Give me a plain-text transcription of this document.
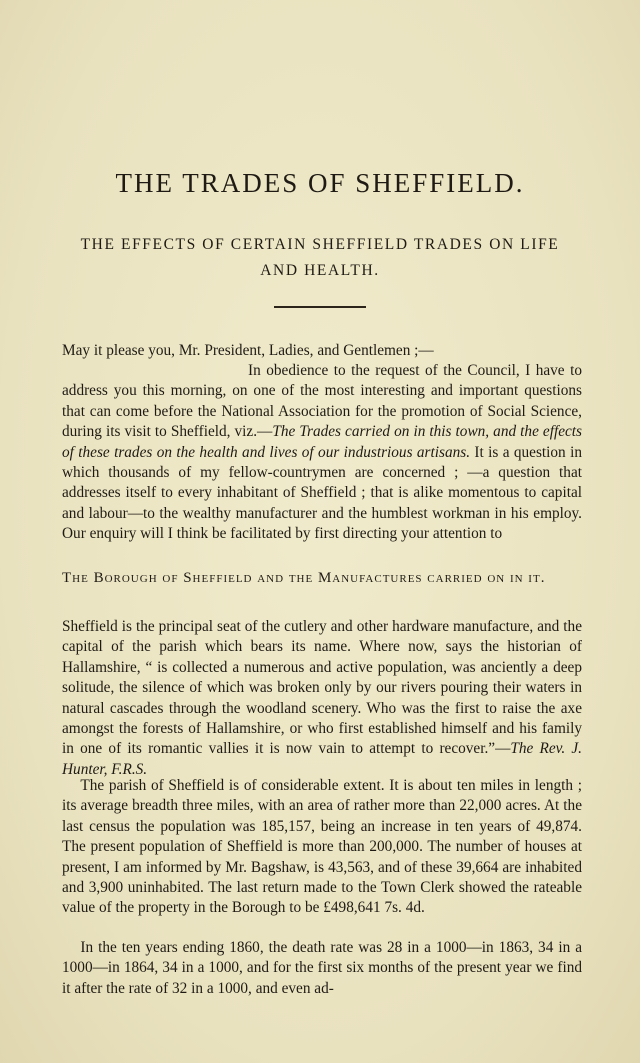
THE TRADES OF SHEFFIELD.
THE EFFECTS OF CERTAIN SHEFFIELD TRADES ON LIFE AND HEALTH.

May it please you, Mr. President, Ladies, and Gentlemen ;—

In obedience to the request of the Council, I have to address you this morning, on one of the most interesting and important questions that can come before the National Association for the promotion of Social Science, during its visit to Sheffield, viz.—The Trades carried on in this town, and the effects of these trades on the health and lives of our industrious artisans. It is a question in which thousands of my fellow-countrymen are concerned ; —a question that addresses itself to every inhabitant of Sheffield ; that is alike momentous to capital and labour—to the wealthy manufacturer and the humblest workman in his employ. Our enquiry will I think be facilitated by first directing your attention to

The Borough of Sheffield and the Manufactures carried on in it.

Sheffield is the principal seat of the cutlery and other hardware manufacture, and the capital of the parish which bears its name. Where now, says the historian of Hallamshire, “ is collected a numerous and active population, was anciently a deep solitude, the silence of which was broken only by our rivers pouring their waters in natural cascades through the woodland scenery. Who was the first to raise the axe amongst the forests of Hallamshire, or who first established himself and his family in one of its romantic vallies it is now vain to attempt to recover.”—The Rev. J. Hunter, F.R.S.

The parish of Sheffield is of considerable extent. It is about ten miles in length ; its average breadth three miles, with an area of rather more than 22,000 acres. At the last census the population was 185,157, being an increase in ten years of 49,874. The present population of Sheffield is more than 200,000. The number of houses at present, I am informed by Mr. Bagshaw, is 43,563, and of these 39,664 are inhabited and 3,900 uninhabited. The last return made to the Town Clerk showed the rateable value of the property in the Borough to be £498,641 7s. 4d.

In the ten years ending 1860, the death rate was 28 in a 1000—in 1863, 34 in a 1000—in 1864, 34 in a 1000, and for the first six months of the present year we find it after the rate of 32 in a 1000, and even ad-
